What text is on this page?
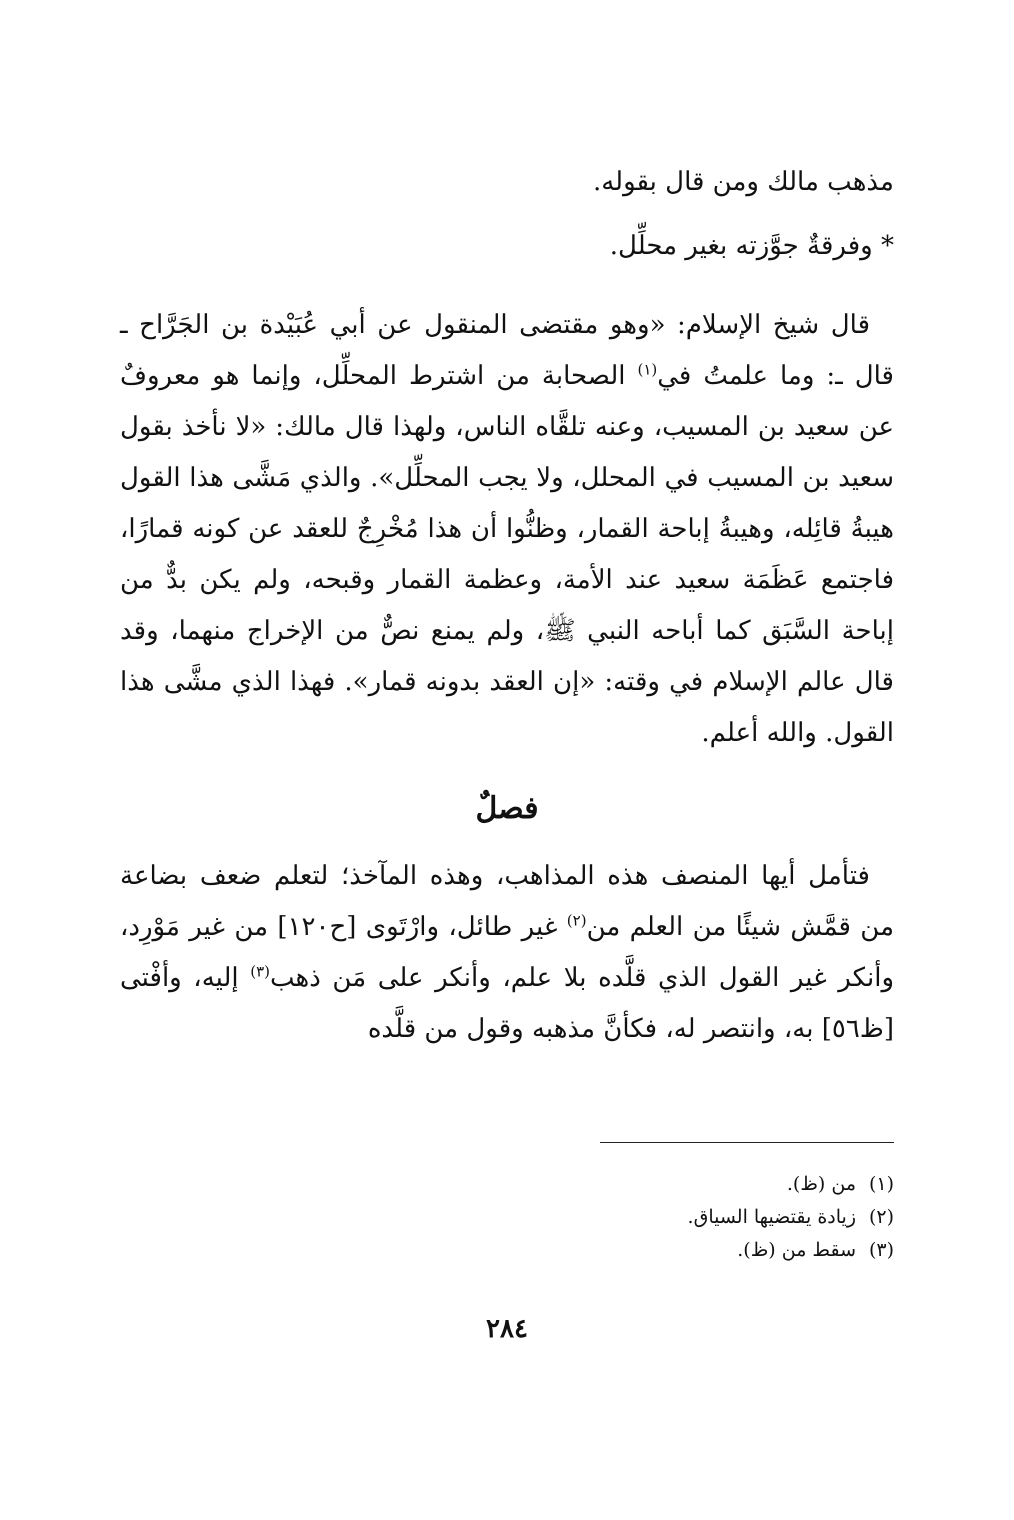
مذهب مالك ومن قال بقوله.

* وفرقةٌ جوَّزته بغير محلِّل.

قال شيخ الإسلام: «وهو مقتضى المنقول عن أبي عُبَيْدة بن الجَرَّاح ـ قال ـ: وما علمتُ في$^{(١)}$ الصحابة من اشترط المحلِّل، وإنما هو معروفٌ عن سعيد بن المسيب، وعنه تلقَّاه الناس، ولهذا قال مالك: «لا نأخذ بقول سعيد بن المسيب في المحلل، ولا يجب المحلِّل». والذي مَشَّى هذا القول هيبةُ قائِله، وهيبةُ إباحة القمار، وظنُّوا أن هذا مُخْرِجٌ للعقد عن كونه قمارًا، فاجتمع عَظَمَة سعيد عند الأمة، وعظمة القمار وقبحه، ولم يكن بدٌّ من إباحة السَّبَق كما أباحه النبي ﷺ، ولم يمنع نصٌّ من الإخراج منهما، وقد قال عالم الإسلام في وقته: «إن العقد بدونه قمار». فهذا الذي مشَّى هذا القول. والله أعلم.

فصلٌ

فتأمل أيها المنصف هذه المذاهب، وهذه المآخذ؛ لتعلم ضعف بضاعة من قمَّش شيئًا من العلم من$^{(٢)}$ غير طائل، وارْتَوى [ح١٢٠] من غير مَوْرِد، وأنكر غير القول الذي قلَّده بلا علم، وأنكر على مَن ذهب$^{(٣)}$ إليه، وأفْتى [ظ٥٦] به، وانتصر له، فكأنَّ مذهبه وقول من قلَّده

(١)من (ظ).
(٢)زيادة يقتضيها السياق.
(٣)سقط من (ظ).
٢٨٤
